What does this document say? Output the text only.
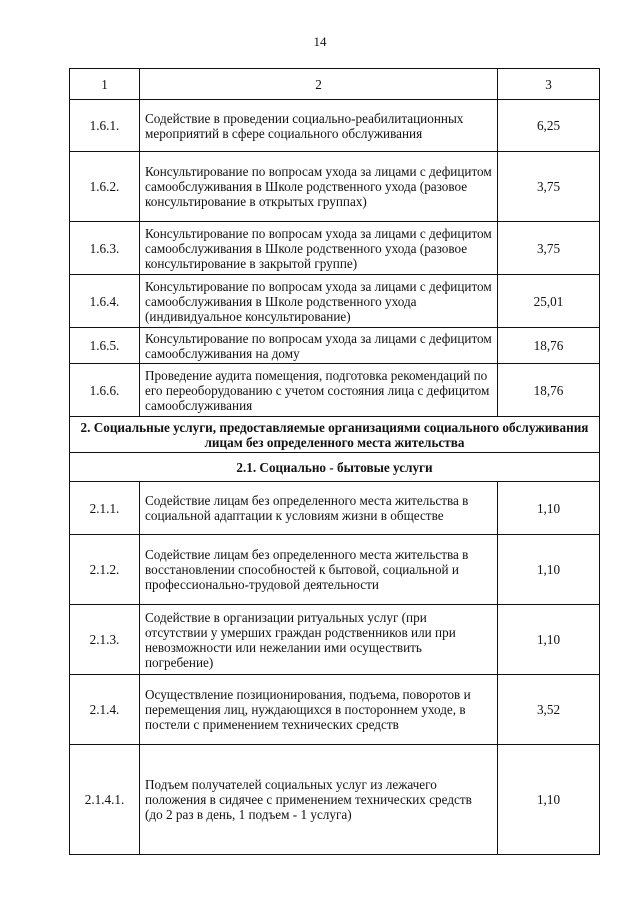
14
1	2	3
1.6.1.	Содействие в проведении социально-реабилитационных мероприятий в сфере социального обслуживания	6,25
1.6.2.	Консультирование по вопросам ухода за лицами с дефицитом самообслуживания в Школе родственного ухода (разовое консультирование в открытых группах)	3,75
1.6.3.	Консультирование по вопросам ухода за лицами с дефицитом самообслуживания в Школе родственного ухода (разовое консультирование в закрытой группе)	3,75
1.6.4.	Консультирование по вопросам ухода за лицами с дефицитом самообслуживания в Школе родственного ухода (индивидуальное консультирование)	25,01
1.6.5.	Консультирование по вопросам ухода за лицами с дефицитом самообслуживания на дому	18,76
1.6.6.	Проведение аудита помещения, подготовка рекомендаций по его переоборудованию с учетом состояния лица с дефицитом самообслуживания	18,76
2. Социальные услуги, предоставляемые организациями социального обслуживания лицам без определенного места жительства		
2.1. Социально - бытовые услуги		
2.1.1.	Содействие лицам без определенного места жительства в социальной адаптации к условиям жизни в обществе	1,10
2.1.2.	Содействие лицам без определенного места жительства в восстановлении способностей к бытовой, социальной и профессионально-трудовой деятельности	1,10
2.1.3.	Содействие в организации ритуальных услуг (при отсутствии у умерших граждан родственников или при невозможности или нежелании ими осуществить погребение)	1,10
2.1.4.	Осуществление позиционирования, подъема, поворотов и перемещения лиц, нуждающихся в постороннем уходе, в постели с применением технических средств	3,52
2.1.4.1.	Подъем получателей социальных услуг из лежачего положения в сидячее с применением технических средств (до 2 раз в день, 1 подъем - 1 услуга)	1,10
